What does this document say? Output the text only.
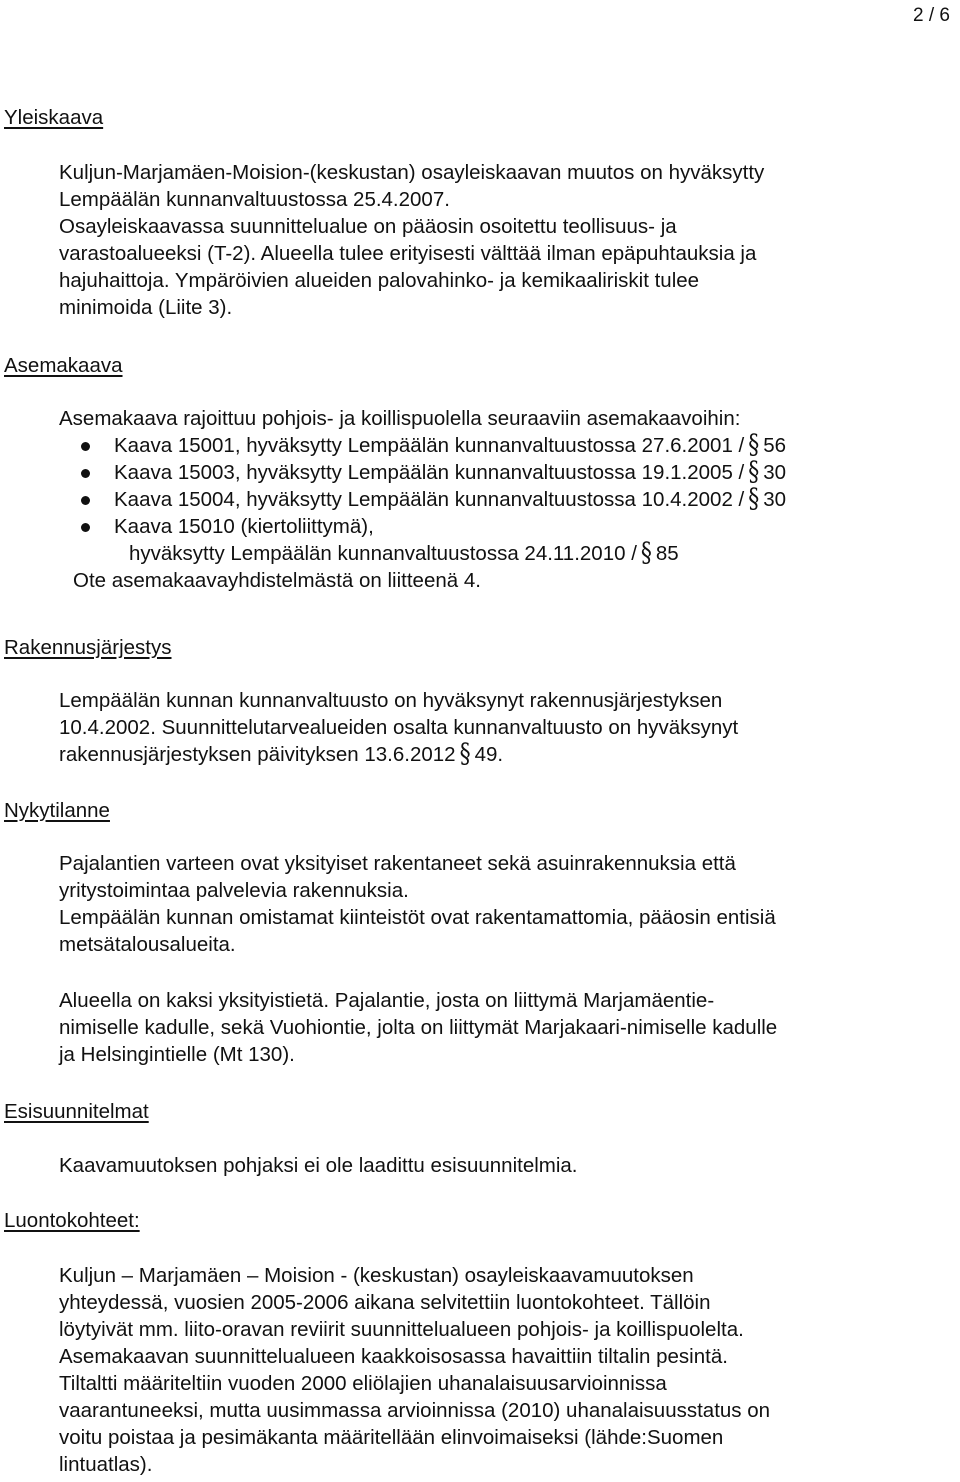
2 / 6
Yleiskaava
Kuljun-Marjamäen-Moision-(keskustan) osayleiskaavan muutos on hyväksytty
Lempäälän kunnanvaltuustossa 25.4.2007.
Osayleiskaavassa suunnittelualue on pääosin osoitettu teollisuus- ja
varastoalueeksi (T-2). Alueella tulee erityisesti välttää ilman epäpuhtauksia ja
hajuhaittoja. Ympäröivien alueiden palovahinko- ja kemikaaliriskit tulee
minimoida (Liite 3).
Asemakaava
Asemakaava rajoittuu pohjois- ja koillispuolella seuraaviin asemakaavoihin:
Kaava 15001, hyväksytty Lempäälän kunnanvaltuustossa 27.6.2001 / § 56
Kaava 15003, hyväksytty Lempäälän kunnanvaltuustossa 19.1.2005 / § 30
Kaava 15004, hyväksytty Lempäälän kunnanvaltuustossa 10.4.2002 / § 30
Kaava 15010 (kiertoliittymä),
hyväksytty Lempäälän kunnanvaltuustossa 24.11.2010 / § 85
Ote asemakaavayhdistelmästä on liitteenä 4.
Rakennusjärjestys
Lempäälän kunnan kunnanvaltuusto on hyväksynyt rakennusjärjestyksen
10.4.2002. Suunnittelutarvealueiden osalta kunnanvaltuusto on hyväksynyt
rakennusjärjestyksen päivityksen 13.6.2012 § 49.
Nykytilanne
Pajalantien varteen ovat yksityiset rakentaneet sekä asuinrakennuksia että
yritystoimintaa palvelevia rakennuksia.
Lempäälän kunnan omistamat kiinteistöt ovat rakentamattomia, pääosin entisiä
metsätalousalueita.
Alueella on kaksi yksityistietä. Pajalantie, josta on liittymä Marjamäentie-
nimiselle kadulle, sekä Vuohiontie, jolta on liittymät Marjakaari-nimiselle kadulle
ja Helsingintielle (Mt 130).
Esisuunnitelmat
Kaavamuutoksen pohjaksi ei ole laadittu esisuunnitelmia.
Luontokohteet:
Kuljun – Marjamäen – Moision - (keskustan) osayleiskaavamuutoksen
yhteydessä, vuosien 2005-2006 aikana selvitettiin luontokohteet. Tällöin
löytyivät mm. liito-oravan reviirit suunnittelualueen pohjois- ja koillispuolelta.
Asemakaavan suunnittelualueen kaakkoisosassa havaittiin tiltalin pesintä.
Tiltaltti määriteltiin vuoden 2000 eliölajien uhanalaisuusarvioinnissa
vaarantuneeksi, mutta uusimmassa arvioinnissa (2010) uhanalaisuusstatus on
voitu poistaa ja pesimäkanta määritellään elinvoimaiseksi (lähde:Suomen
lintuatlas).
